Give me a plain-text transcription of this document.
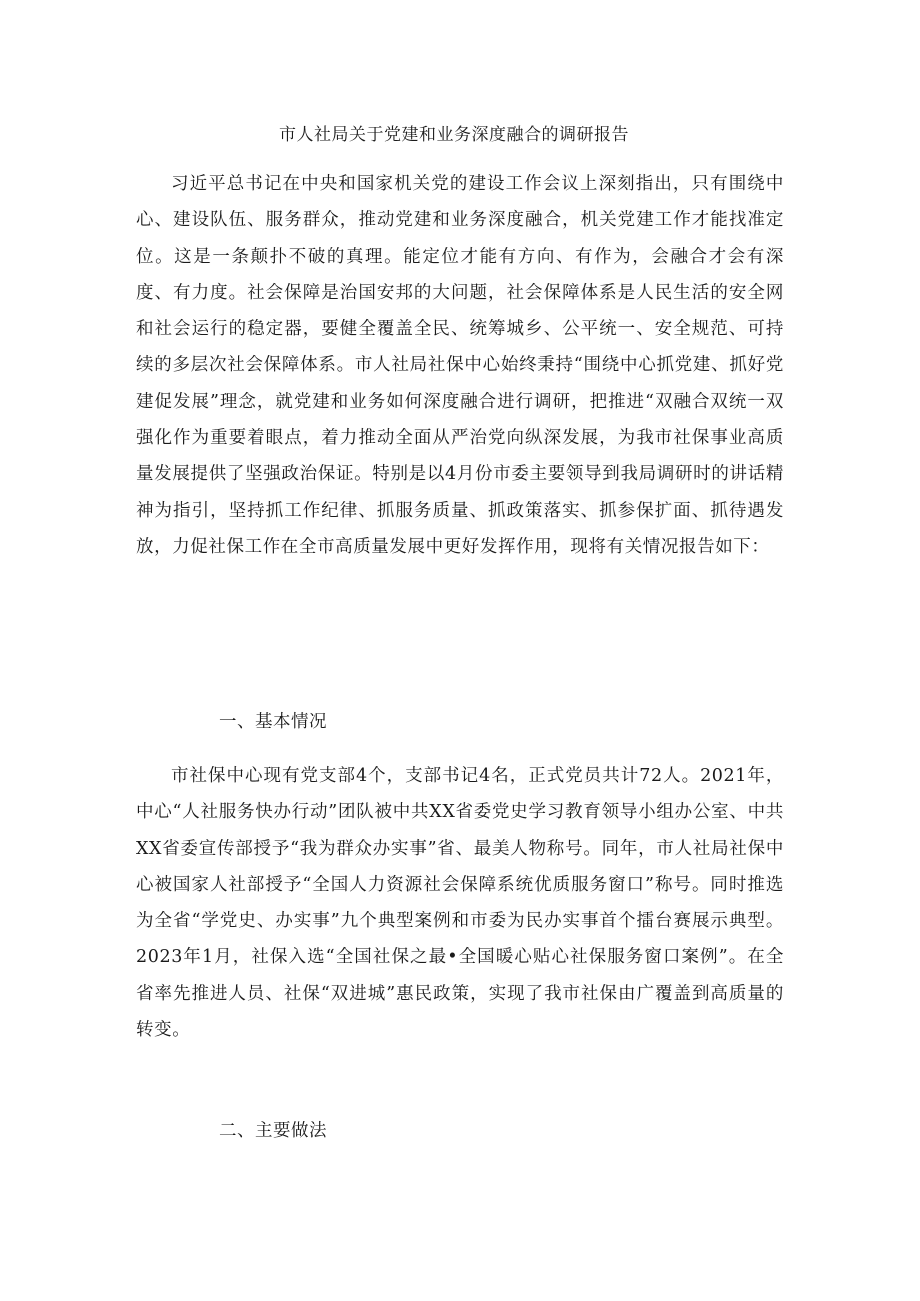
市人社局关于党建和业务深度融合的调研报告
习近平总书记在中央和国家机关党的建设工作会议上深刻指出，只有围绕中心、建设队伍、服务群众，推动党建和业务深度融合，机关党建工作才能找准定位。这是一条颠扑不破的真理。能定位才能有方向、有作为，会融合才会有深度、有力度。社会保障是治国安邦的大问题，社会保障体系是人民生活的安全网和社会运行的稳定器，要健全覆盖全民、统筹城乡、公平统一、安全规范、可持续的多层次社会保障体系。市人社局社保中心始终秉持“围绕中心抓党建、抓好党建促发展”理念，就党建和业务如何深度融合进行调研，把推进“双融合双统一双强化作为重要着眼点，着力推动全面从严治党向纵深发展，为我市社保事业高质量发展提供了坚强政治保证。特别是以4月份市委主要领导到我局调研时的讲话精神为指引，坚持抓工作纪律、抓服务质量、抓政策落实、抓参保扩面、抓待遇发放，力促社保工作在全市高质量发展中更好发挥作用，现将有关情况报告如下：
一、基本情况
市社保中心现有党支部4个，支部书记4名，正式党员共计72人。2021年，中心“人社服务快办行动”团队被中共XX省委党史学习教育领导小组办公室、中共XX省委宣传部授予“我为群众办实事”省、最美人物称号。同年，市人社局社保中心被国家人社部授予“全国人力资源社会保障系统优质服务窗口”称号。同时推选为全省“学党史、办实事”九个典型案例和市委为民办实事首个擂台赛展示典型。2023年1月，社保入选“全国社保之最•全国暖心贴心社保服务窗口案例”。在全省率先推进人员、社保“双进城”惠民政策，实现了我市社保由广覆盖到高质量的转变。
二、主要做法
